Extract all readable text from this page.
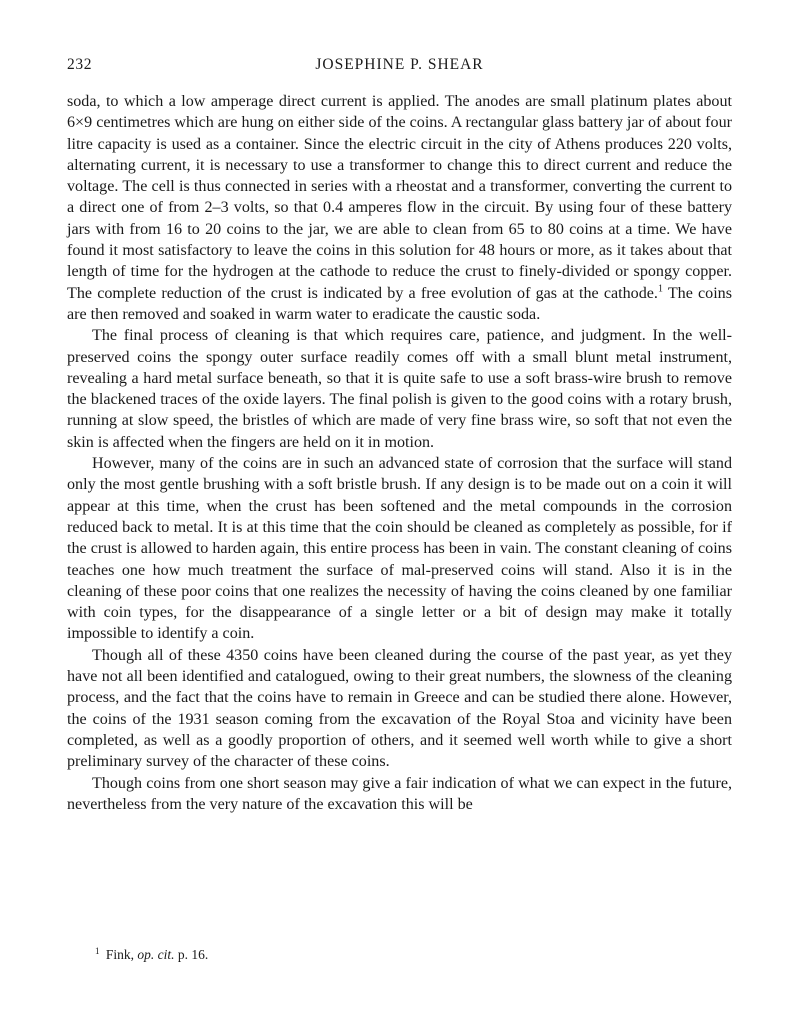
232	JOSEPHINE P. SHEAR

soda, to which a low amperage direct current is applied. The anodes are small platinum plates about 6×9 centimetres which are hung on either side of the coins. A rectangular glass battery jar of about four litre capacity is used as a container. Since the electric circuit in the city of Athens produces 220 volts, alternating current, it is necessary to use a transformer to change this to direct current and reduce the voltage. The cell is thus connected in series with a rheostat and a transformer, converting the current to a direct one of from 2–3 volts, so that 0.4 amperes flow in the circuit. By using four of these battery jars with from 16 to 20 coins to the jar, we are able to clean from 65 to 80 coins at a time. We have found it most satisfactory to leave the coins in this solution for 48 hours or more, as it takes about that length of time for the hydrogen at the cathode to reduce the crust to finely-divided or spongy copper. The complete reduction of the crust is indicated by a free evolution of gas at the cathode.$^1$ The coins are then removed and soaked in warm water to eradicate the caustic soda.

The final process of cleaning is that which requires care, patience, and judgment. In the well-preserved coins the spongy outer surface readily comes off with a small blunt metal instrument, revealing a hard metal surface beneath, so that it is quite safe to use a soft brass-wire brush to remove the blackened traces of the oxide layers. The final polish is given to the good coins with a rotary brush, running at slow speed, the bristles of which are made of very fine brass wire, so soft that not even the skin is affected when the fingers are held on it in motion.

However, many of the coins are in such an advanced state of corrosion that the surface will stand only the most gentle brushing with a soft bristle brush. If any design is to be made out on a coin it will appear at this time, when the crust has been softened and the metal compounds in the corrosion reduced back to metal. It is at this time that the coin should be cleaned as completely as possible, for if the crust is allowed to harden again, this entire process has been in vain. The constant cleaning of coins teaches one how much treatment the surface of mal-preserved coins will stand. Also it is in the cleaning of these poor coins that one realizes the necessity of having the coins cleaned by one familiar with coin types, for the disappearance of a single letter or a bit of design may make it totally impossible to identify a coin.

Though all of these 4350 coins have been cleaned during the course of the past year, as yet they have not all been identified and catalogued, owing to their great numbers, the slowness of the cleaning process, and the fact that the coins have to remain in Greece and can be studied there alone. However, the coins of the 1931 season coming from the excavation of the Royal Stoa and vicinity have been completed, as well as a goodly proportion of others, and it seemed well worth while to give a short preliminary survey of the character of these coins.

Though coins from one short season may give a fair indication of what we can expect in the future, nevertheless from the very nature of the excavation this will be

$^1$ Fink, op. cit. p. 16.
